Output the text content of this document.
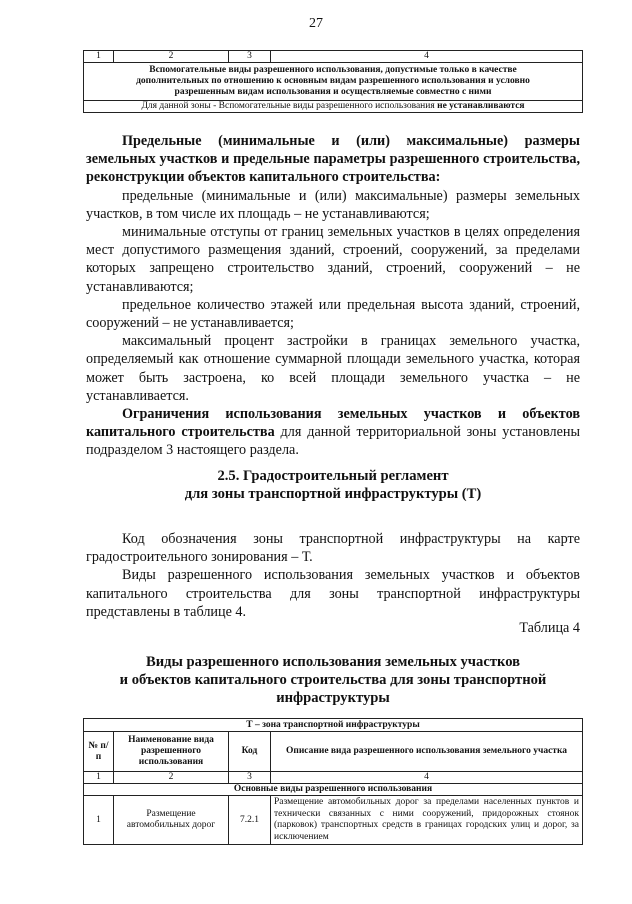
27
1	2	3	4

Вспомогательные виды разрешенного использования, допустимые только в качестве
дополнительных по отношению к основным видам разрешенного использования и условно
разрешенным видам использования и осуществляемые совместно с ними

Для данной зоны - Вспомогательные виды разрешенного использования не устанавливаются
Предельные (минимальные и (или) максимальные) размеры земельных участков и предельные параметры разрешенного строительства, реконструкции объектов капитального строительства:
предельные (минимальные и (или) максимальные) размеры земельных участков, в том числе их площадь – не устанавливаются;
минимальные отступы от границ земельных участков в целях определения мест допустимого размещения зданий, строений, сооружений, за пределами которых запрещено строительство зданий, строений, сооружений – не устанавливаются;
предельное количество этажей или предельная высота зданий, строений, сооружений – не устанавливается;
максимальный процент застройки в границах земельного участка, определяемый как отношение суммарной площади земельного участка, которая может быть застроена, ко всей площади земельного участка – не устанавливается.
Ограничения использования земельных участков и объектов капитального строительства для данной территориальной зоны установлены подразделом 3 настоящего раздела.
2.5. Градостроительный регламент
для зоны транспортной инфраструктуры (Т)
Код обозначения зоны транспортной инфраструктуры на карте градостроительного зонирования – Т.
Виды разрешенного использования земельных участков и объектов капитального строительства для зоны транспортной инфраструктуры представлены в таблице 4.
Таблица 4
Виды разрешенного использования земельных участков
и объектов капитального строительства для зоны транспортной
инфраструктуры
Т – зона транспортной инфраструктуры			
№ п/п	Наименование вида разрешенного использования	Код	Описание вида разрешенного использования земельного участка
1	2	3	4
Основные виды разрешенного использования			
1	Размещение автомобильных дорог	7.2.1	Размещение автомобильных дорог за пределами населенных пунктов и технически связанных с ними сооружений, придорожных стоянок (парковок) транспортных средств в границах городских улиц и дорог, за исключением
